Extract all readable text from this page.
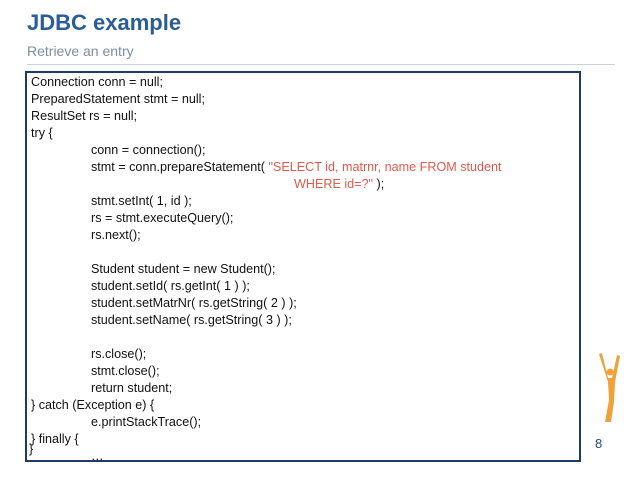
JDBC example
Retrieve an entry
Connection conn = null;
PreparedStatement stmt = null;
ResultSet rs = null;
try {
conn = connection();
stmt = conn.prepareStatement( "SELECT id, matrnr, name FROM student
WHERE id=?" );
stmt.setInt( 1, id );
rs = stmt.executeQuery();
rs.next();
Student student = new Student();
student.setId( rs.getInt( 1 ) );
student.setMatrNr( rs.getString( 2 ) );
student.setName( rs.getString( 3 ) );
rs.close();
stmt.close();
return student;
} catch (Exception e) {
e.printStackTrace();
} finally {
…
}	8
